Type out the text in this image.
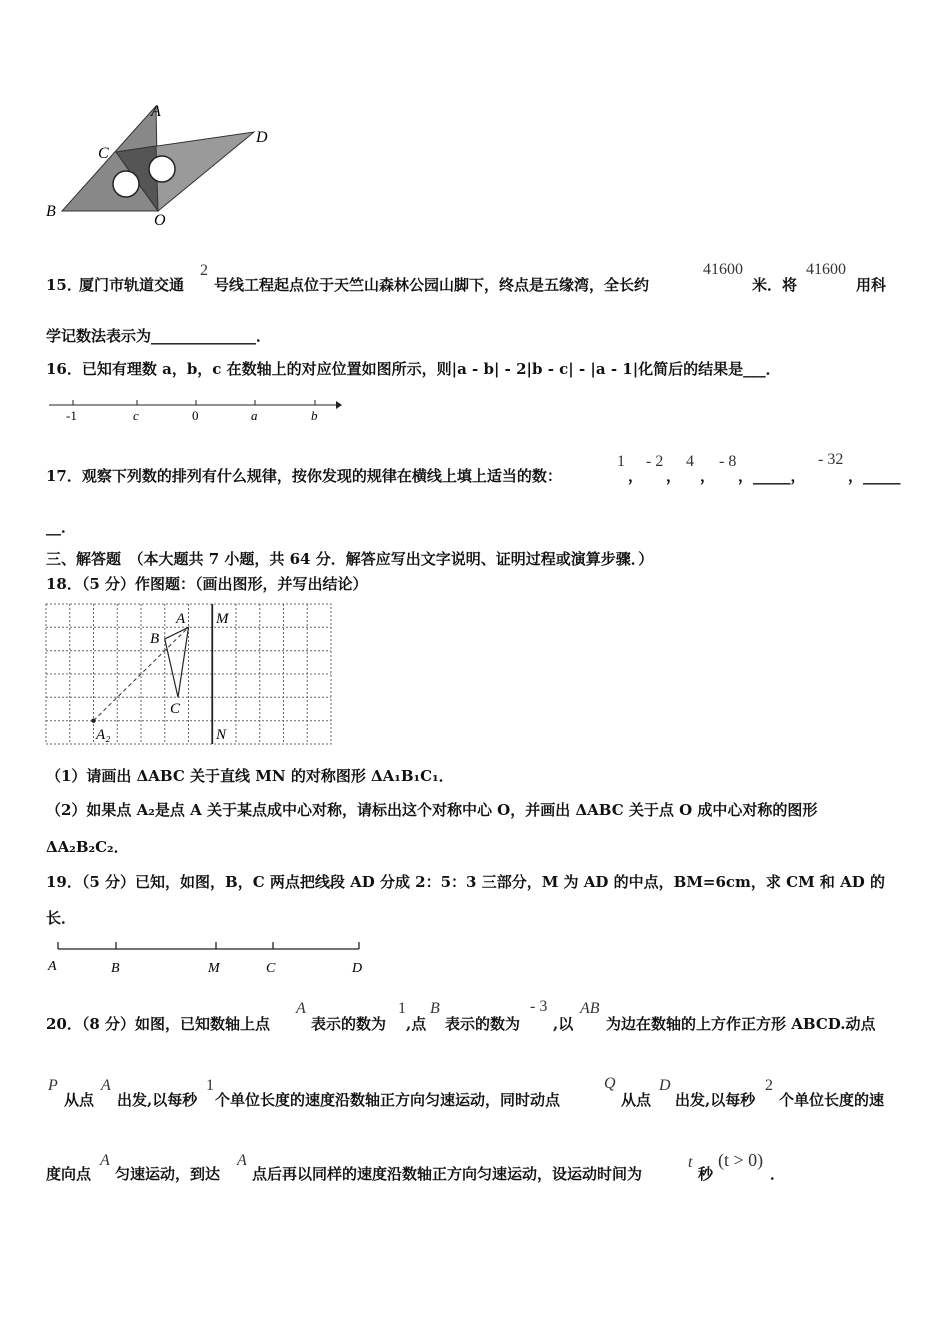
A
C
D
B
O
15．
厦门市轨道交通
2
号线工程起点位于天竺山森林公园山脚下，终点是五缘湾，全长约
41600
米．将
41600
用科
学记数法表示为______________．
16．已知有理数 a，b，c 在数轴上的对应位置如图所示，则|a - b| - 2|b - c| - |a - 1|化简后的结果是___．
-1	c	0	a	b
17．观察下列数的排列有什么规律，按你发现的规律在横线上填上适当的数：
1
，
- 2
，
4
，
- 8
，_____，
- 32
，_____
__．
三、解答题　（本大题共 7 小题，共 64 分．解答应写出文字说明、证明过程或演算步骤．）
18．（5 分）作图题：（画出图形，并写出结论）
A
B
C
M
N
A₂
（1）请画出 ΔABC 关于直线 MN 的对称图形 ΔA₁B₁C₁．
（2）如果点 A₂是点 A 关于某点成中心对称，请标出这个对称中心 O，并画出 ΔABC 关于点 O 成中心对称的图形
ΔA₂B₂C₂．
19．（5 分）已知，如图，B，C 两点把线段 AD 分成 2：5：3 三部分，M 为 AD 的中点，BM=6cm，求 CM 和 AD 的
长．
A	B	M	C	D
20．（8 分）如图，已知数轴上点
A
表示的数为
1
,点
B
表示的数为
- 3
,以
AB
为边在数轴的上方作正方形 ABCD.动点
P
从点
A
出发,以每秒
1
个单位长度的速度沿数轴正方向匀速运动，同时动点
Q
从点
D
出发,以每秒
2
个单位长度的速
度向点
A
匀速运动，到达
A
点后再以同样的速度沿数轴正方向匀速运动，设运动时间为
t
秒
(t > 0)
．
